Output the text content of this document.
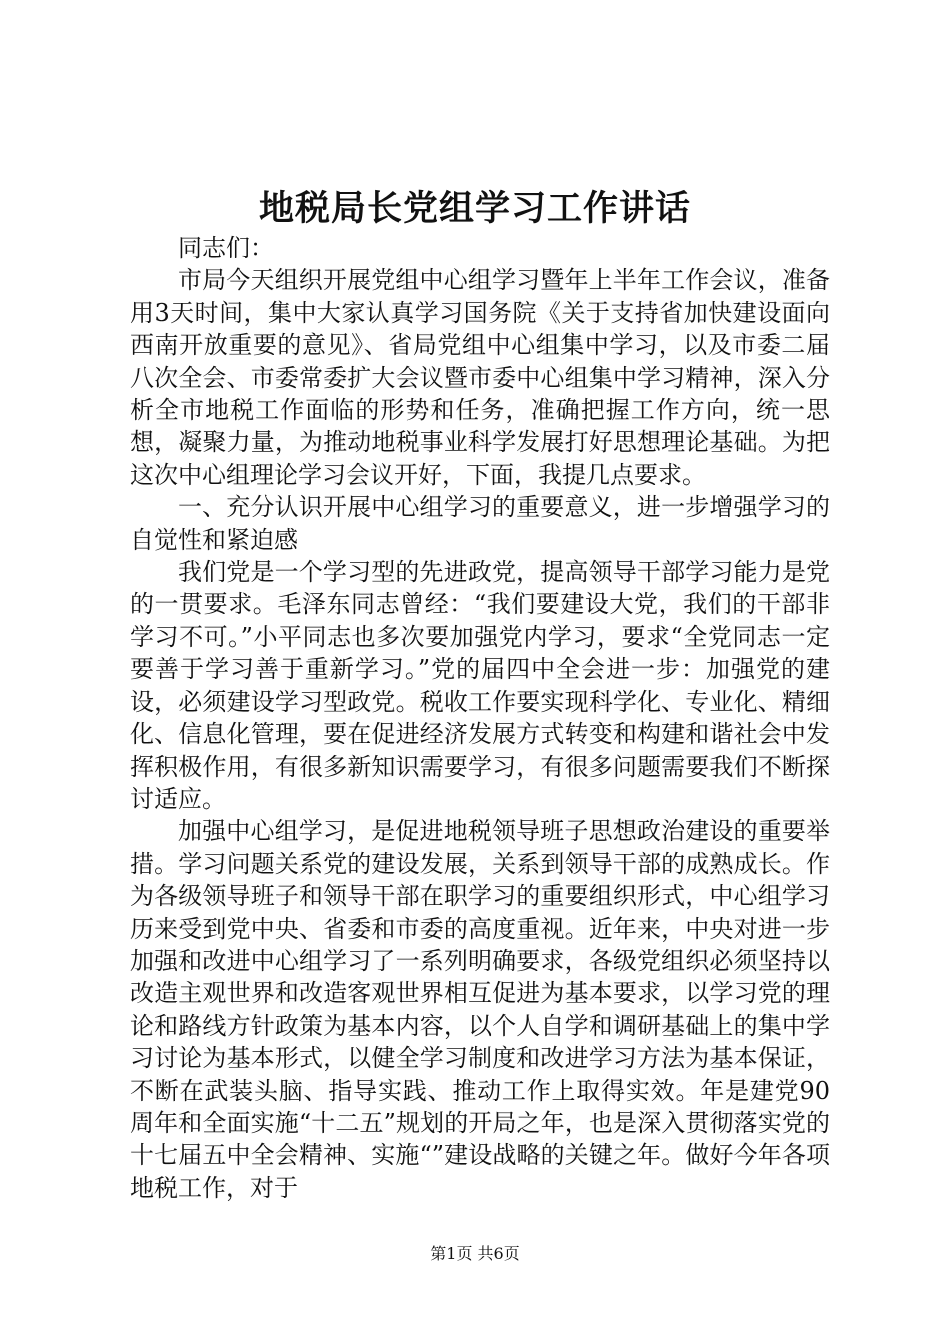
地税局长党组学习工作讲话

同志们：

市局今天组织开展党组中心组学习暨年上半年工作会议，准备用3天时间，集中大家认真学习国务院《关于支持省加快建设面向西南开放重要的意见》、省局党组中心组集中学习，以及市委二届八次全会、市委常委扩大会议暨市委中心组集中学习精神，深入分析全市地税工作面临的形势和任务，准确把握工作方向，统一思想，凝聚力量，为推动地税事业科学发展打好思想理论基础。为把这次中心组理论学习会议开好，下面，我提几点要求。

一、充分认识开展中心组学习的重要意义，进一步增强学习的自觉性和紧迫感

我们党是一个学习型的先进政党，提高领导干部学习能力是党的一贯要求。毛泽东同志曾经：“我们要建设大党，我们的干部非学习不可。”小平同志也多次要加强党内学习，要求“全党同志一定要善于学习善于重新学习。”党的届四中全会进一步：加强党的建设，必须建设学习型政党。税收工作要实现科学化、专业化、精细化、信息化管理，要在促进经济发展方式转变和构建和谐社会中发挥积极作用，有很多新知识需要学习，有很多问题需要我们不断探讨适应。

加强中心组学习，是促进地税领导班子思想政治建设的重要举措。学习问题关系党的建设发展，关系到领导干部的成熟成长。作为各级领导班子和领导干部在职学习的重要组织形式，中心组学习历来受到党中央、省委和市委的高度重视。近年来，中央对进一步加强和改进中心组学习了一系列明确要求，各级党组织必须坚持以改造主观世界和改造客观世界相互促进为基本要求，以学习党的理论和路线方针政策为基本内容，以个人自学和调研基础上的集中学习讨论为基本形式，以健全学习制度和改进学习方法为基本保证，不断在武装头脑、指导实践、推动工作上取得实效。年是建党90周年和全面实施“十二五”规划的开局之年，也是深入贯彻落实党的十七届五中全会精神、实施“”建设战略的关键之年。做好今年各项地税工作，对于

第1页 共6页
